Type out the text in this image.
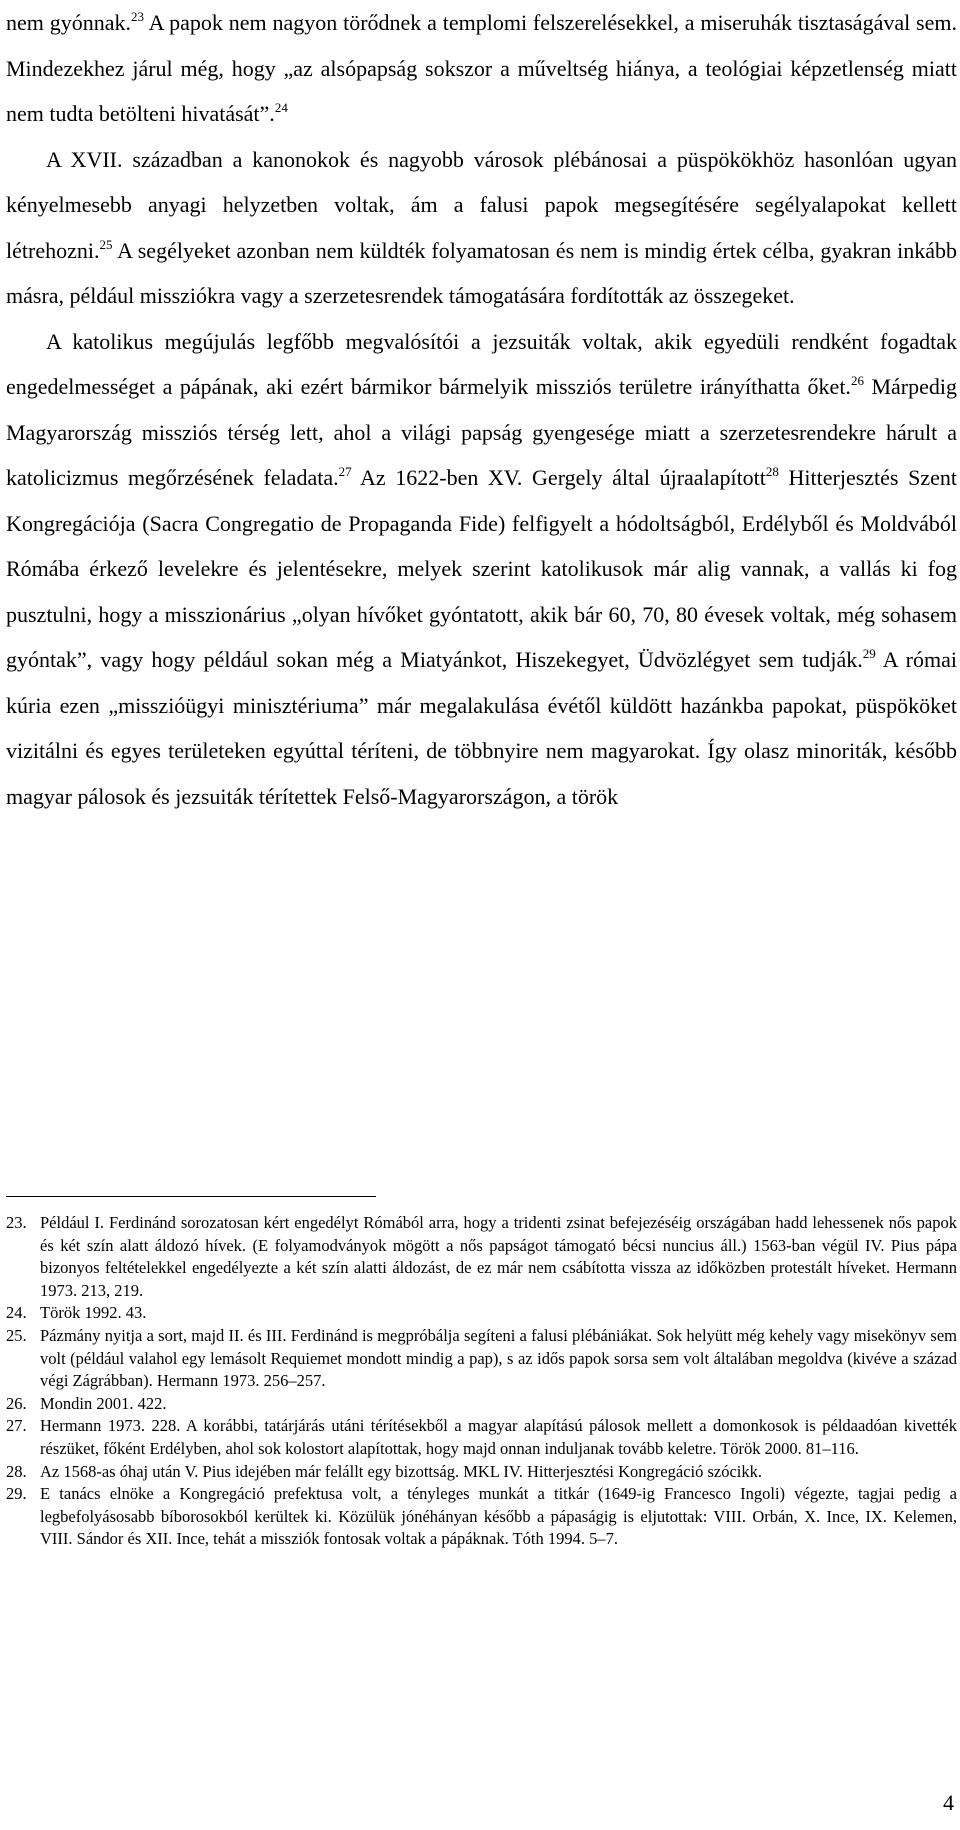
nem gyónnak.$^{23}$ A papok nem nagyon törődnek a templomi felszerelésekkel, a miseruhák tisztaságával sem. Mindezekhez járul még, hogy „az alsópapság sokszor a műveltség hiánya, a teológiai képzetlenség miatt nem tudta betölteni hivatását”.$^{24}$

A XVII. században a kanonokok és nagyobb városok plébánosai a püspökökhöz hasonlóan ugyan kényelmesebb anyagi helyzetben voltak, ám a falusi papok megsegítésére segélyalapokat kellett létrehozni.$^{25}$ A segélyeket azonban nem küldték folyamatosan és nem is mindig értek célba, gyakran inkább másra, például missziókra vagy a szerzetesrendek támogatására fordították az összegeket.

A katolikus megújulás legfőbb megvalósítói a jezsuiták voltak, akik egyedüli rendként fogadtak engedelmességet a pápának, aki ezért bármikor bármelyik missziós területre irányíthatta őket.$^{26}$ Márpedig Magyarország missziós térség lett, ahol a világi papság gyengesége miatt a szerzetesrendekre hárult a katolicizmus megőrzésének feladata.$^{27}$ Az 1622-ben XV. Gergely által újraalapított$^{28}$ Hitterjesztés Szent Kongregációja (Sacra Congregatio de Propaganda Fide) felfigyelt a hódoltságból, Erdélyből és Moldvából Rómába érkező levelekre és jelentésekre, melyek szerint katolikusok már alig vannak, a vallás ki fog pusztulni, hogy a misszionárius „olyan hívőket gyóntatott, akik bár 60, 70, 80 évesek voltak, még sohasem gyóntak”, vagy hogy például sokan még a Miatyánkot, Hiszekegyet, Üdvözlégyet sem tudják.$^{29}$ A római kúria ezen „misszióügyi minisztériuma” már megalakulása évétől küldött hazánkba papokat, püspököket vizitálni és egyes területeken egyúttal téríteni, de többnyire nem magyarokat. Így olasz minoriták, később magyar pálosok és jezsuiták térítettek Felső-Magyarországon, a török

23. Például I. Ferdinánd sorozatosan kért engedélyt Rómából arra, hogy a tridenti zsinat befejezéséig országában hadd lehessenek nős papok és két szín alatt áldozó hívek. (E folyamodványok mögött a nős papságot támogató bécsi nuncius áll.) 1563-ban végül IV. Pius pápa bizonyos feltételekkel engedélyezte a két szín alatti áldozást, de ez már nem csábította vissza az időközben protestált híveket. Hermann 1973. 213, 219.
24. Török 1992. 43.
25. Pázmány nyitja a sort, majd II. és III. Ferdinánd is megpróbálja segíteni a falusi plébániákat. Sok helyütt még kehely vagy misekönyv sem volt (például valahol egy lemásolt Requiemet mondott mindig a pap), s az idős papok sorsa sem volt általában megoldva (kivéve a század végi Zágrábban). Hermann 1973. 256–257.
26. Mondin 2001. 422.
27. Hermann 1973. 228. A korábbi, tatárjárás utáni térítésekből a magyar alapítású pálosok mellett a domonkosok is példaadóan kivették részüket, főként Erdélyben, ahol sok kolostort alapítottak, hogy majd onnan induljanak tovább keletre. Török 2000. 81–116.
28. Az 1568-as óhaj után V. Pius idejében már felállt egy bizottság. MKL IV. Hitterjesztési Kongregáció szócikk.
29. E tanács elnöke a Kongregáció prefektusa volt, a tényleges munkát a titkár (1649-ig Francesco Ingoli) végezte, tagjai pedig a legbefolyásosabb bíborosokból kerültek ki. Közülük jónéhányan később a pápaságig is eljutottak: VIII. Orbán, X. Ince, IX. Kelemen, VIII. Sándor és XII. Ince, tehát a missziók fontosak voltak a pápáknak. Tóth 1994. 5–7.
4
